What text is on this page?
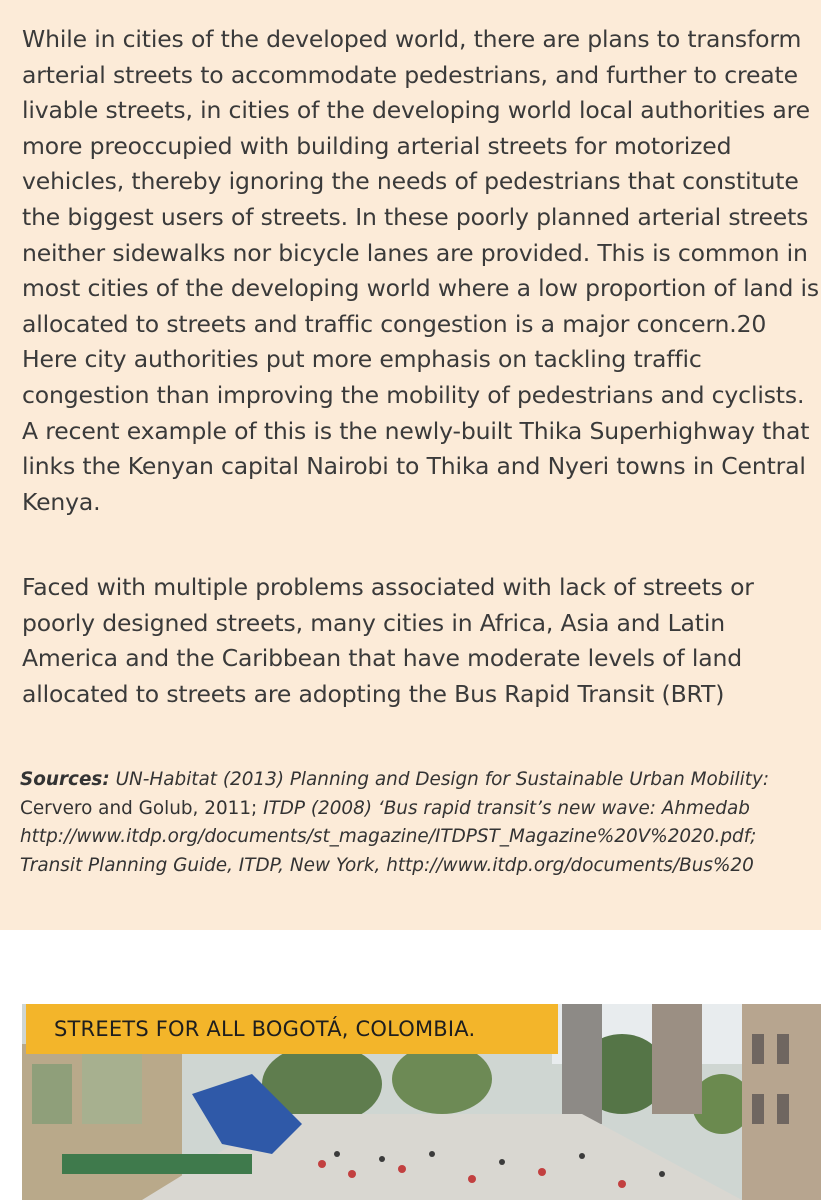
While in cities of the developed world, there are plans to transform arterial streets to accommodate pedestrians, and further to create livable streets, in cities of the developing world local authorities are more preoccupied with building arterial streets for motorized vehicles, thereby ignoring the needs of pedestrians that constitute the biggest users of streets. In these poorly planned arterial streets neither sidewalks nor bicycle lanes are provided. This is common in most cities of the developing world where a low proportion of land is allocated to streets and traffic congestion is a major concern.20 Here city authorities put more emphasis on tackling traffic congestion than improving the mobility of pedestrians and cyclists. A recent example of this is the newly-built Thika Superhighway that links the Kenyan capital Nairobi to Thika and Nyeri towns in Central Kenya.

Faced with multiple problems associated with lack of streets or poorly designed streets, many cities in Africa, Asia and Latin America and the Caribbean that have moderate levels of land allocated to streets are adopting the Bus Rapid Transit (BRT)

Sources: UN-Habitat (2013) Planning and Design for Sustainable Urban Mobility:
Cervero and Golub, 2011; ITDP (2008) ‘Bus rapid transit’s new wave: Ahmedab
http://www.itdp.org/documents/st_magazine/ITDPST_Magazine%20V%2020.pdf;
Transit Planning Guide, ITDP, New York, http://www.itdp.org/documents/Bus%20
STREETS FOR ALL BOGOTÁ, COLOMBIA.
